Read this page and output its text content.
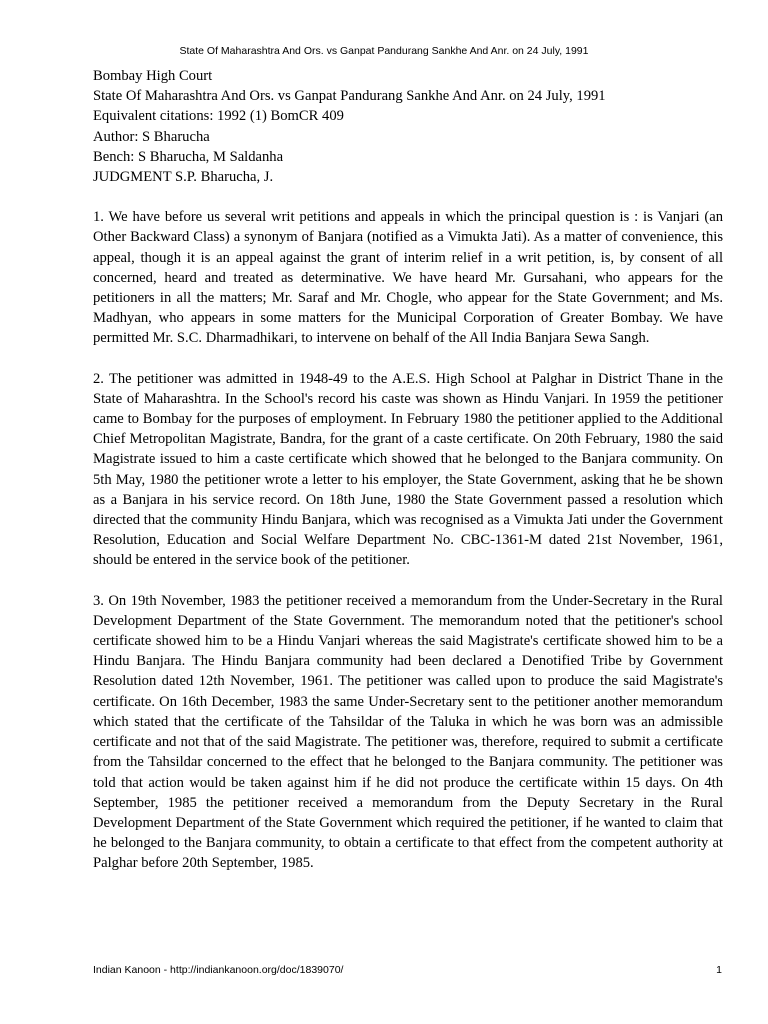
State Of Maharashtra And Ors. vs Ganpat Pandurang Sankhe And Anr. on 24 July, 1991

Bombay High Court

State Of Maharashtra And Ors. vs Ganpat Pandurang Sankhe And Anr. on 24 July, 1991

Equivalent citations: 1992 (1) BomCR 409

Author: S Bharucha

Bench: S Bharucha, M Saldanha

JUDGMENT S.P. Bharucha, J.

1. We have before us several writ petitions and appeals in which the principal question is : is Vanjari (an Other Backward Class) a synonym of Banjara (notified as a Vimukta Jati). As a matter of convenience, this appeal, though it is an appeal against the grant of interim relief in a writ petition, is, by consent of all concerned, heard and treated as determinative. We have heard Mr. Gursahani, who appears for the petitioners in all the matters; Mr. Saraf and Mr. Chogle, who appear for the State Government; and Ms. Madhyan, who appears in some matters for the Municipal Corporation of Greater Bombay. We have permitted Mr. S.C. Dharmadhikari, to intervene on behalf of the All India Banjara Sewa Sangh.

2. The petitioner was admitted in 1948-49 to the A.E.S. High School at Palghar in District Thane in the State of Maharashtra. In the School's record his caste was shown as Hindu Vanjari. In 1959 the petitioner came to Bombay for the purposes of employment. In February 1980 the petitioner applied to the Additional Chief Metropolitan Magistrate, Bandra, for the grant of a caste certificate. On 20th February, 1980 the said Magistrate issued to him a caste certificate which showed that he belonged to the Banjara community. On 5th May, 1980 the petitioner wrote a letter to his employer, the State Government, asking that he be shown as a Banjara in his service record. On 18th June, 1980 the State Government passed a resolution which directed that the community Hindu Banjara, which was recognised as a Vimukta Jati under the Government Resolution, Education and Social Welfare Department No. CBC-1361-M dated 21st November, 1961, should be entered in the service book of the petitioner.

3. On 19th November, 1983 the petitioner received a memorandum from the Under-Secretary in the Rural Development Department of the State Government. The memorandum noted that the petitioner's school certificate showed him to be a Hindu Vanjari whereas the said Magistrate's certificate showed him to be a Hindu Banjara. The Hindu Banjara community had been declared a Denotified Tribe by Government Resolution dated 12th November, 1961. The petitioner was called upon to produce the said Magistrate's certificate. On 16th December, 1983 the same Under-Secretary sent to the petitioner another memorandum which stated that the certificate of the Tahsildar of the Taluka in which he was born was an admissible certificate and not that of the said Magistrate. The petitioner was, therefore, required to submit a certificate from the Tahsildar concerned to the effect that he belonged to the Banjara community. The petitioner was told that action would be taken against him if he did not produce the certificate within 15 days. On 4th September, 1985 the petitioner received a memorandum from the Deputy Secretary in the Rural Development Department of the State Government which required the petitioner, if he wanted to claim that he belonged to the Banjara community, to obtain a certificate to that effect from the competent authority at Palghar before 20th September, 1985.

Indian Kanoon - http://indiankanoon.org/doc/1839070/	1
